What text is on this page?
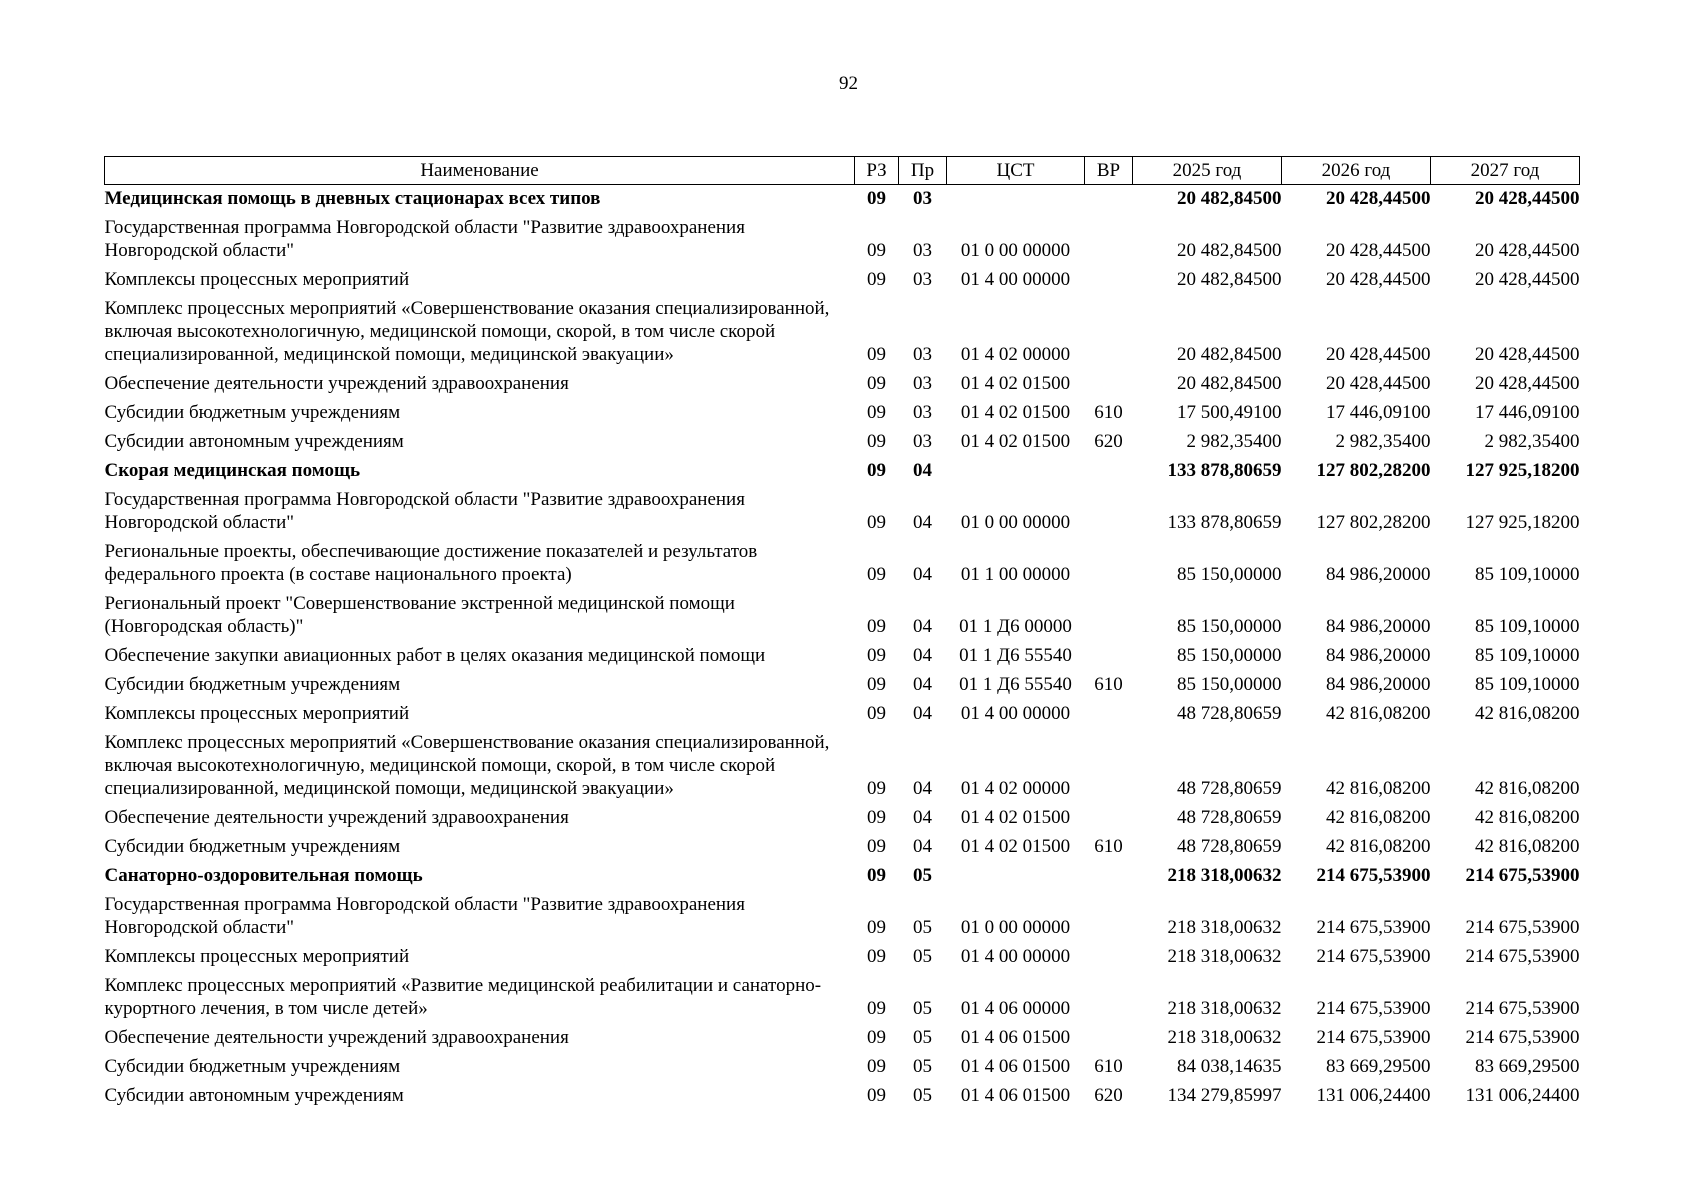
92
Наименование	РЗ	Пр	ЦСТ	ВР	2025 год	2026 год	2027 год
Медицинская помощь в дневных стационарах всех типов	09	03			20 482,84500	20 428,44500	20 428,44500
Государственная программа Новгородской области "Развитие здравоохранения Новгородской области"	09	03	01 0 00 00000		20 482,84500	20 428,44500	20 428,44500
Комплексы процессных мероприятий	09	03	01 4 00 00000		20 482,84500	20 428,44500	20 428,44500
Комплекс процессных мероприятий «Совершенствование оказания специализированной, включая высокотехнологичную, медицинской помощи, скорой, в том числе скорой специализированной, медицинской помощи, медицинской эвакуации»	09	03	01 4 02 00000		20 482,84500	20 428,44500	20 428,44500
Обеспечение деятельности учреждений здравоохранения	09	03	01 4 02 01500		20 482,84500	20 428,44500	20 428,44500
Субсидии бюджетным учреждениям	09	03	01 4 02 01500	610	17 500,49100	17 446,09100	17 446,09100
Субсидии автономным учреждениям	09	03	01 4 02 01500	620	2 982,35400	2 982,35400	2 982,35400
Скорая медицинская помощь	09	04			133 878,80659	127 802,28200	127 925,18200
Государственная программа Новгородской области "Развитие здравоохранения Новгородской области"	09	04	01 0 00 00000		133 878,80659	127 802,28200	127 925,18200
Региональные проекты, обеспечивающие достижение показателей и результатов федерального проекта (в составе национального проекта)	09	04	01 1 00 00000		85 150,00000	84 986,20000	85 109,10000
Региональный проект "Совершенствование экстренной медицинской помощи (Новгородская область)"	09	04	01 1 Д6 00000		85 150,00000	84 986,20000	85 109,10000
Обеспечение закупки авиационных работ в целях оказания медицинской помощи	09	04	01 1 Д6 55540		85 150,00000	84 986,20000	85 109,10000
Субсидии бюджетным учреждениям	09	04	01 1 Д6 55540	610	85 150,00000	84 986,20000	85 109,10000
Комплексы процессных мероприятий	09	04	01 4 00 00000		48 728,80659	42 816,08200	42 816,08200
Комплекс процессных мероприятий «Совершенствование оказания специализированной, включая высокотехнологичную, медицинской помощи, скорой, в том числе скорой специализированной, медицинской помощи, медицинской эвакуации»	09	04	01 4 02 00000		48 728,80659	42 816,08200	42 816,08200
Обеспечение деятельности учреждений здравоохранения	09	04	01 4 02 01500		48 728,80659	42 816,08200	42 816,08200
Субсидии бюджетным учреждениям	09	04	01 4 02 01500	610	48 728,80659	42 816,08200	42 816,08200
Санаторно-оздоровительная помощь	09	05			218 318,00632	214 675,53900	214 675,53900
Государственная программа Новгородской области "Развитие здравоохранения Новгородской области"	09	05	01 0 00 00000		218 318,00632	214 675,53900	214 675,53900
Комплексы процессных мероприятий	09	05	01 4 00 00000		218 318,00632	214 675,53900	214 675,53900
Комплекс процессных мероприятий «Развитие медицинской реабилитации и санаторно-курортного лечения, в том числе детей»	09	05	01 4 06 00000		218 318,00632	214 675,53900	214 675,53900
Обеспечение деятельности учреждений здравоохранения	09	05	01 4 06 01500		218 318,00632	214 675,53900	214 675,53900
Субсидии бюджетным учреждениям	09	05	01 4 06 01500	610	84 038,14635	83 669,29500	83 669,29500
Субсидии автономным учреждениям	09	05	01 4 06 01500	620	134 279,85997	131 006,24400	131 006,24400
